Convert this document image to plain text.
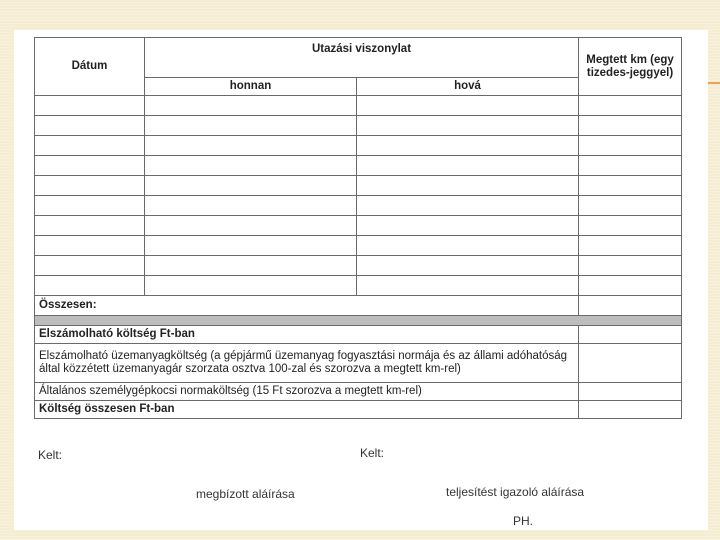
Dátum	Utazási viszonylat		Megtett km (egy tizedes-jeggyel)
	honnan	hová	

Összesen:			

Elszámolható költség Ft-ban			
Elszámolható üzemanyagköltség (a gépjármű üzemanyag fogyasztási normája és az állami adóhatóság által közzétett üzemanyagár szorzata osztva 100-zal és szorozva a megtett km-rel)			
Általános személygépkocsi normaköltség (15 Ft szorozva a megtett km-rel)			
Költség összesen Ft-ban			
Kelt:	Kelt:
megbízott aláírása	teljesítést igazoló aláírása
PH.
